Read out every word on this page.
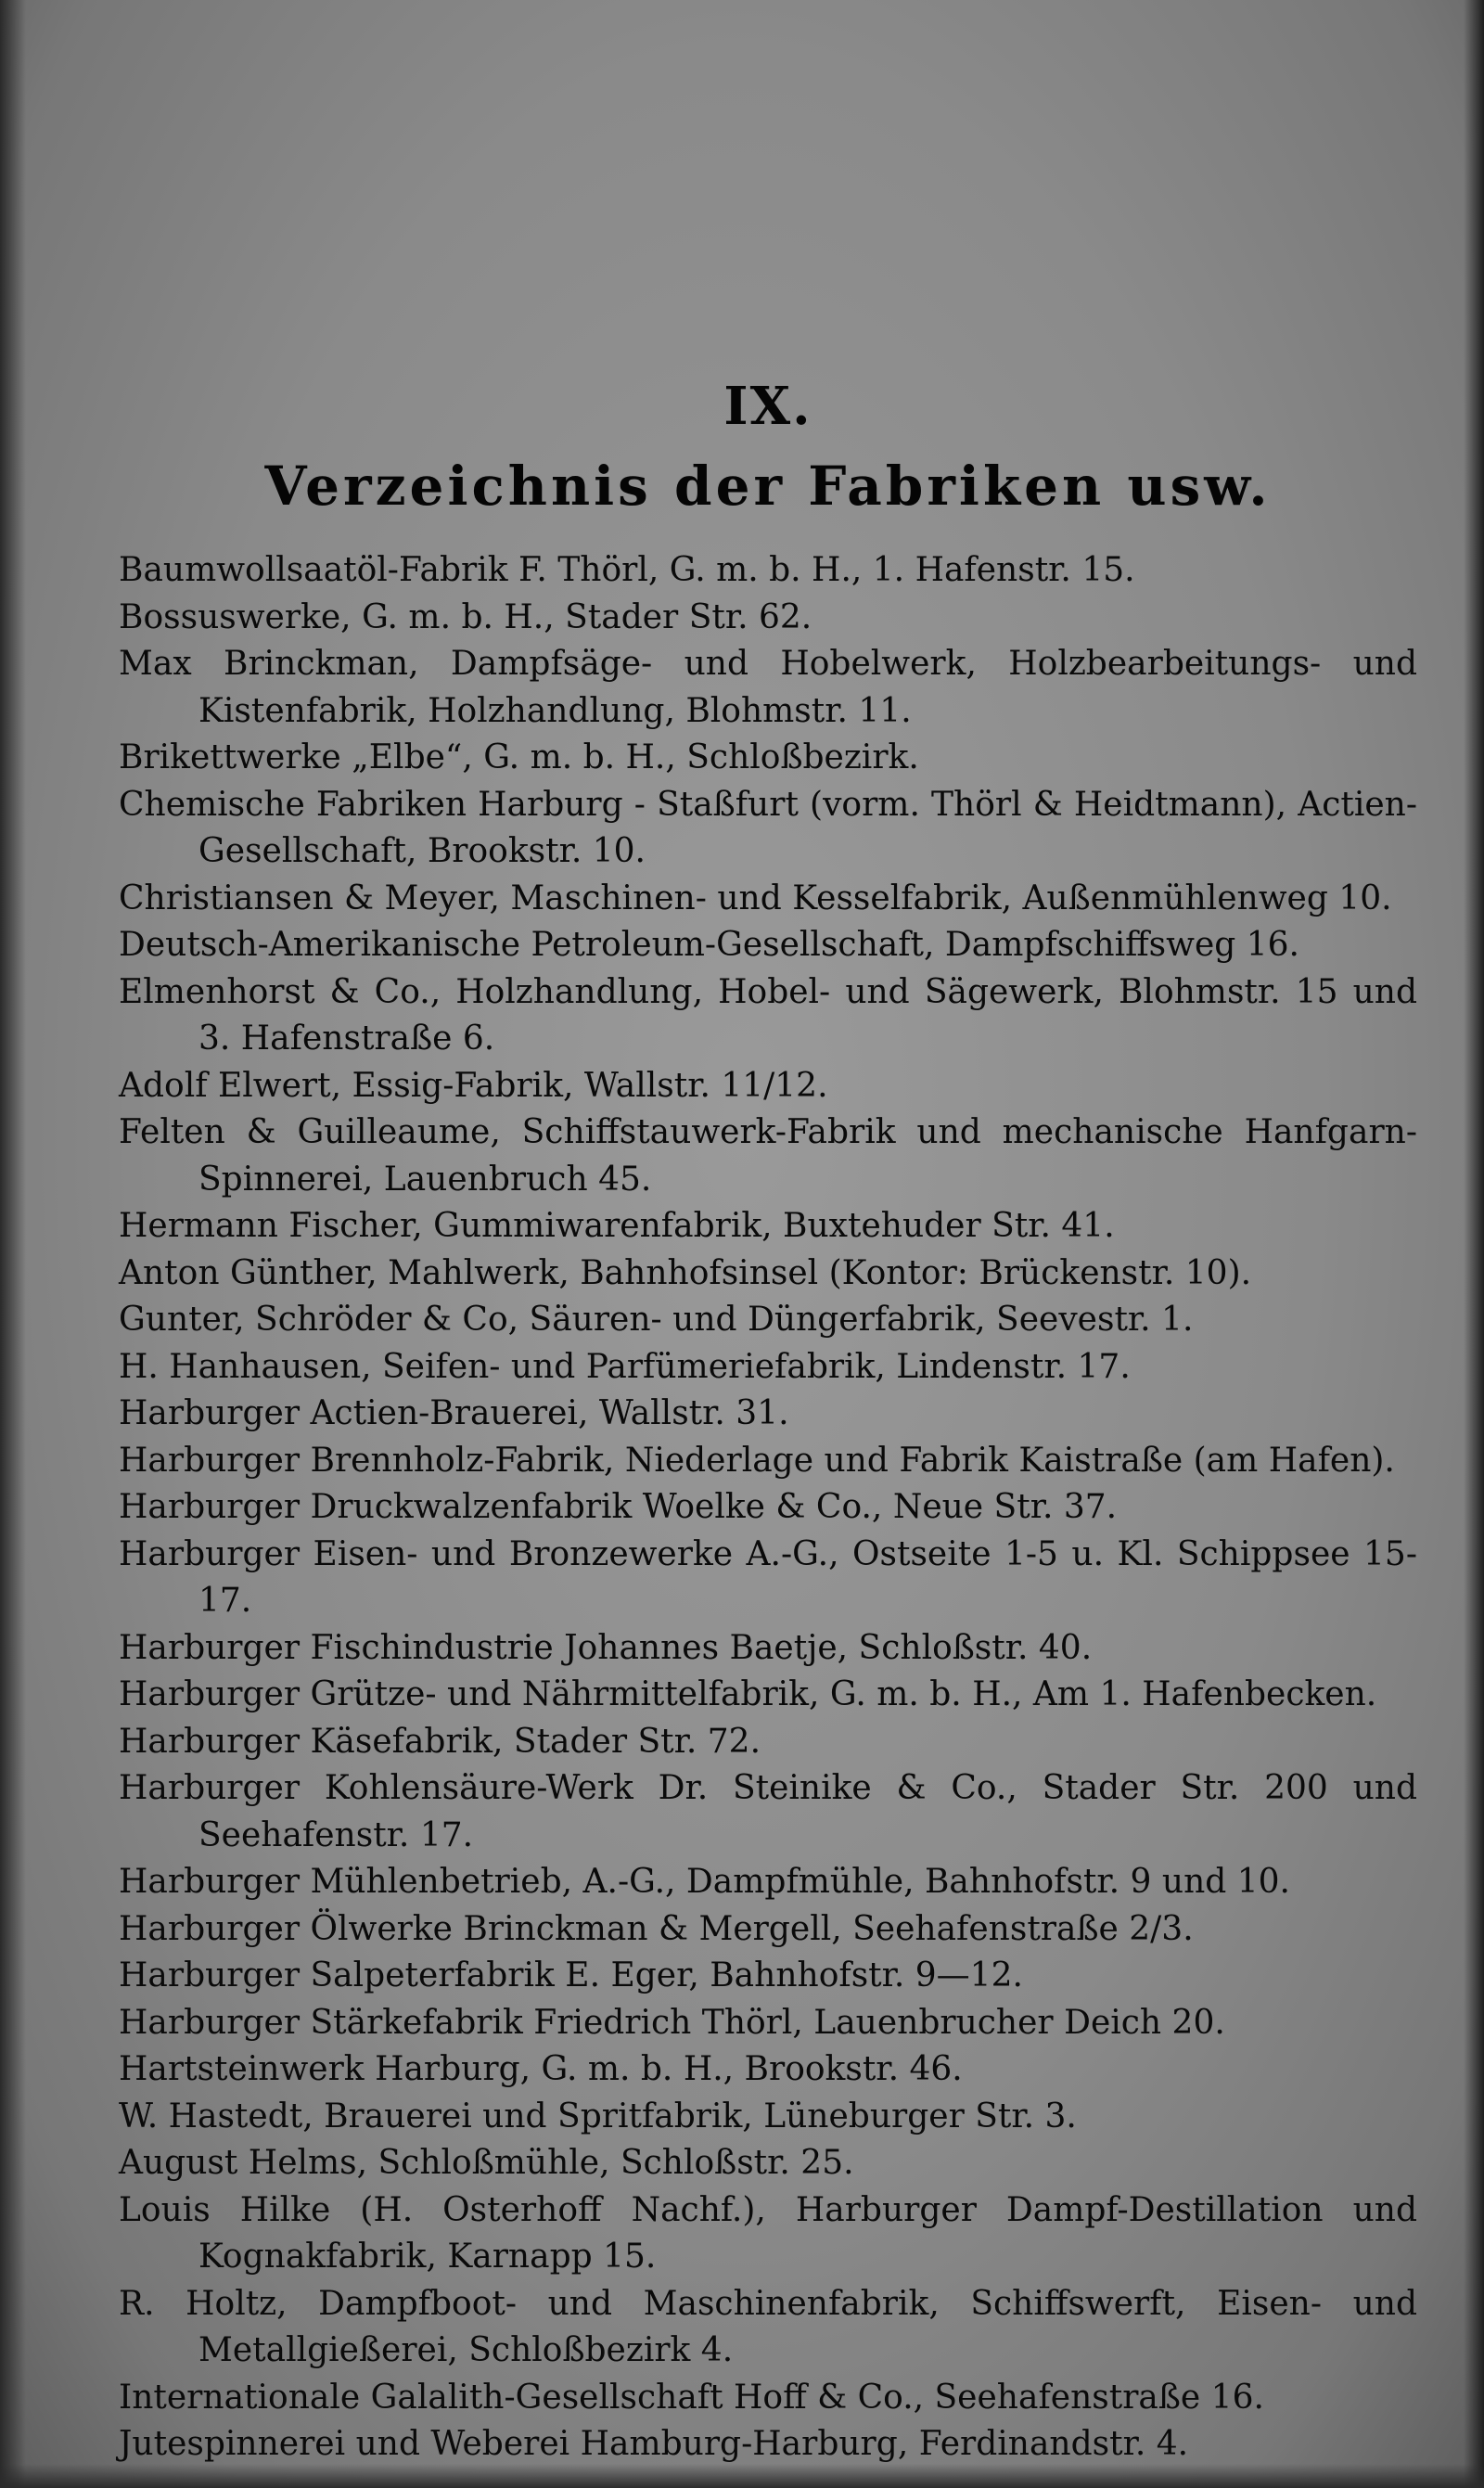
IX.
Verzeichnis der Fabriken usw.
Baumwollsaatöl-Fabrik F. Thörl, G. m. b. H., 1. Hafenstr. 15.
Bossuswerke, G. m. b. H., Stader Str. 62.
Max Brinckman, Dampfsäge- und Hobelwerk, Holzbearbeitungs- und Kistenfabrik, Holzhandlung, Blohmstr. 11.
Brikettwerke „Elbe“, G. m. b. H., Schloßbezirk.
Chemische Fabriken Harburg - Staßfurt (vorm. Thörl & Heidtmann), Actien-Gesellschaft, Brookstr. 10.
Christiansen & Meyer, Maschinen- und Kesselfabrik, Außenmühlenweg 10.
Deutsch-Amerikanische Petroleum-Gesellschaft, Dampfschiffsweg 16.
Elmenhorst & Co., Holzhandlung, Hobel- und Sägewerk, Blohmstr. 15 und 3. Hafenstraße 6.
Adolf Elwert, Essig-Fabrik, Wallstr. 11/12.
Felten & Guilleaume, Schiffstauwerk-Fabrik und mechanische Hanfgarn-Spinnerei, Lauenbruch 45.
Hermann Fischer, Gummiwarenfabrik, Buxtehuder Str. 41.
Anton Günther, Mahlwerk, Bahnhofsinsel (Kontor: Brückenstr. 10).
Gunter, Schröder & Co, Säuren- und Düngerfabrik, Seevestr. 1.
H. Hanhausen, Seifen- und Parfümeriefabrik, Lindenstr. 17.
Harburger Actien-Brauerei, Wallstr. 31.
Harburger Brennholz-Fabrik, Niederlage und Fabrik Kaistraße (am Hafen).
Harburger Druckwalzenfabrik Woelke & Co., Neue Str. 37.
Harburger Eisen- und Bronzewerke A.-G., Ostseite 1-5 u. Kl. Schippsee 15-17.
Harburger Fischindustrie Johannes Baetje, Schloßstr. 40.
Harburger Grütze- und Nährmittelfabrik, G. m. b. H., Am 1. Hafenbecken.
Harburger Käsefabrik, Stader Str. 72.
Harburger Kohlensäure-Werk Dr. Steinike & Co., Stader Str. 200 und Seehafenstr. 17.
Harburger Mühlenbetrieb, A.-G., Dampfmühle, Bahnhofstr. 9 und 10.
Harburger Ölwerke Brinckman & Mergell, Seehafenstraße 2/3.
Harburger Salpeterfabrik E. Eger, Bahnhofstr. 9—12.
Harburger Stärkefabrik Friedrich Thörl, Lauenbrucher Deich 20.
Hartsteinwerk Harburg, G. m. b. H., Brookstr. 46.
W. Hastedt, Brauerei und Spritfabrik, Lüneburger Str. 3.
August Helms, Schloßmühle, Schloßstr. 25.
Louis Hilke (H. Osterhoff Nachf.), Harburger Dampf-Destillation und Kognakfabrik, Karnapp 15.
R. Holtz, Dampfboot- und Maschinenfabrik, Schiffswerft, Eisen- und Metallgießerei, Schloßbezirk 4.
Internationale Galalith-Gesellschaft Hoff & Co., Seehafenstraße 16.
Jutespinnerei und Weberei Hamburg-Harburg, Ferdinandstr. 4.
